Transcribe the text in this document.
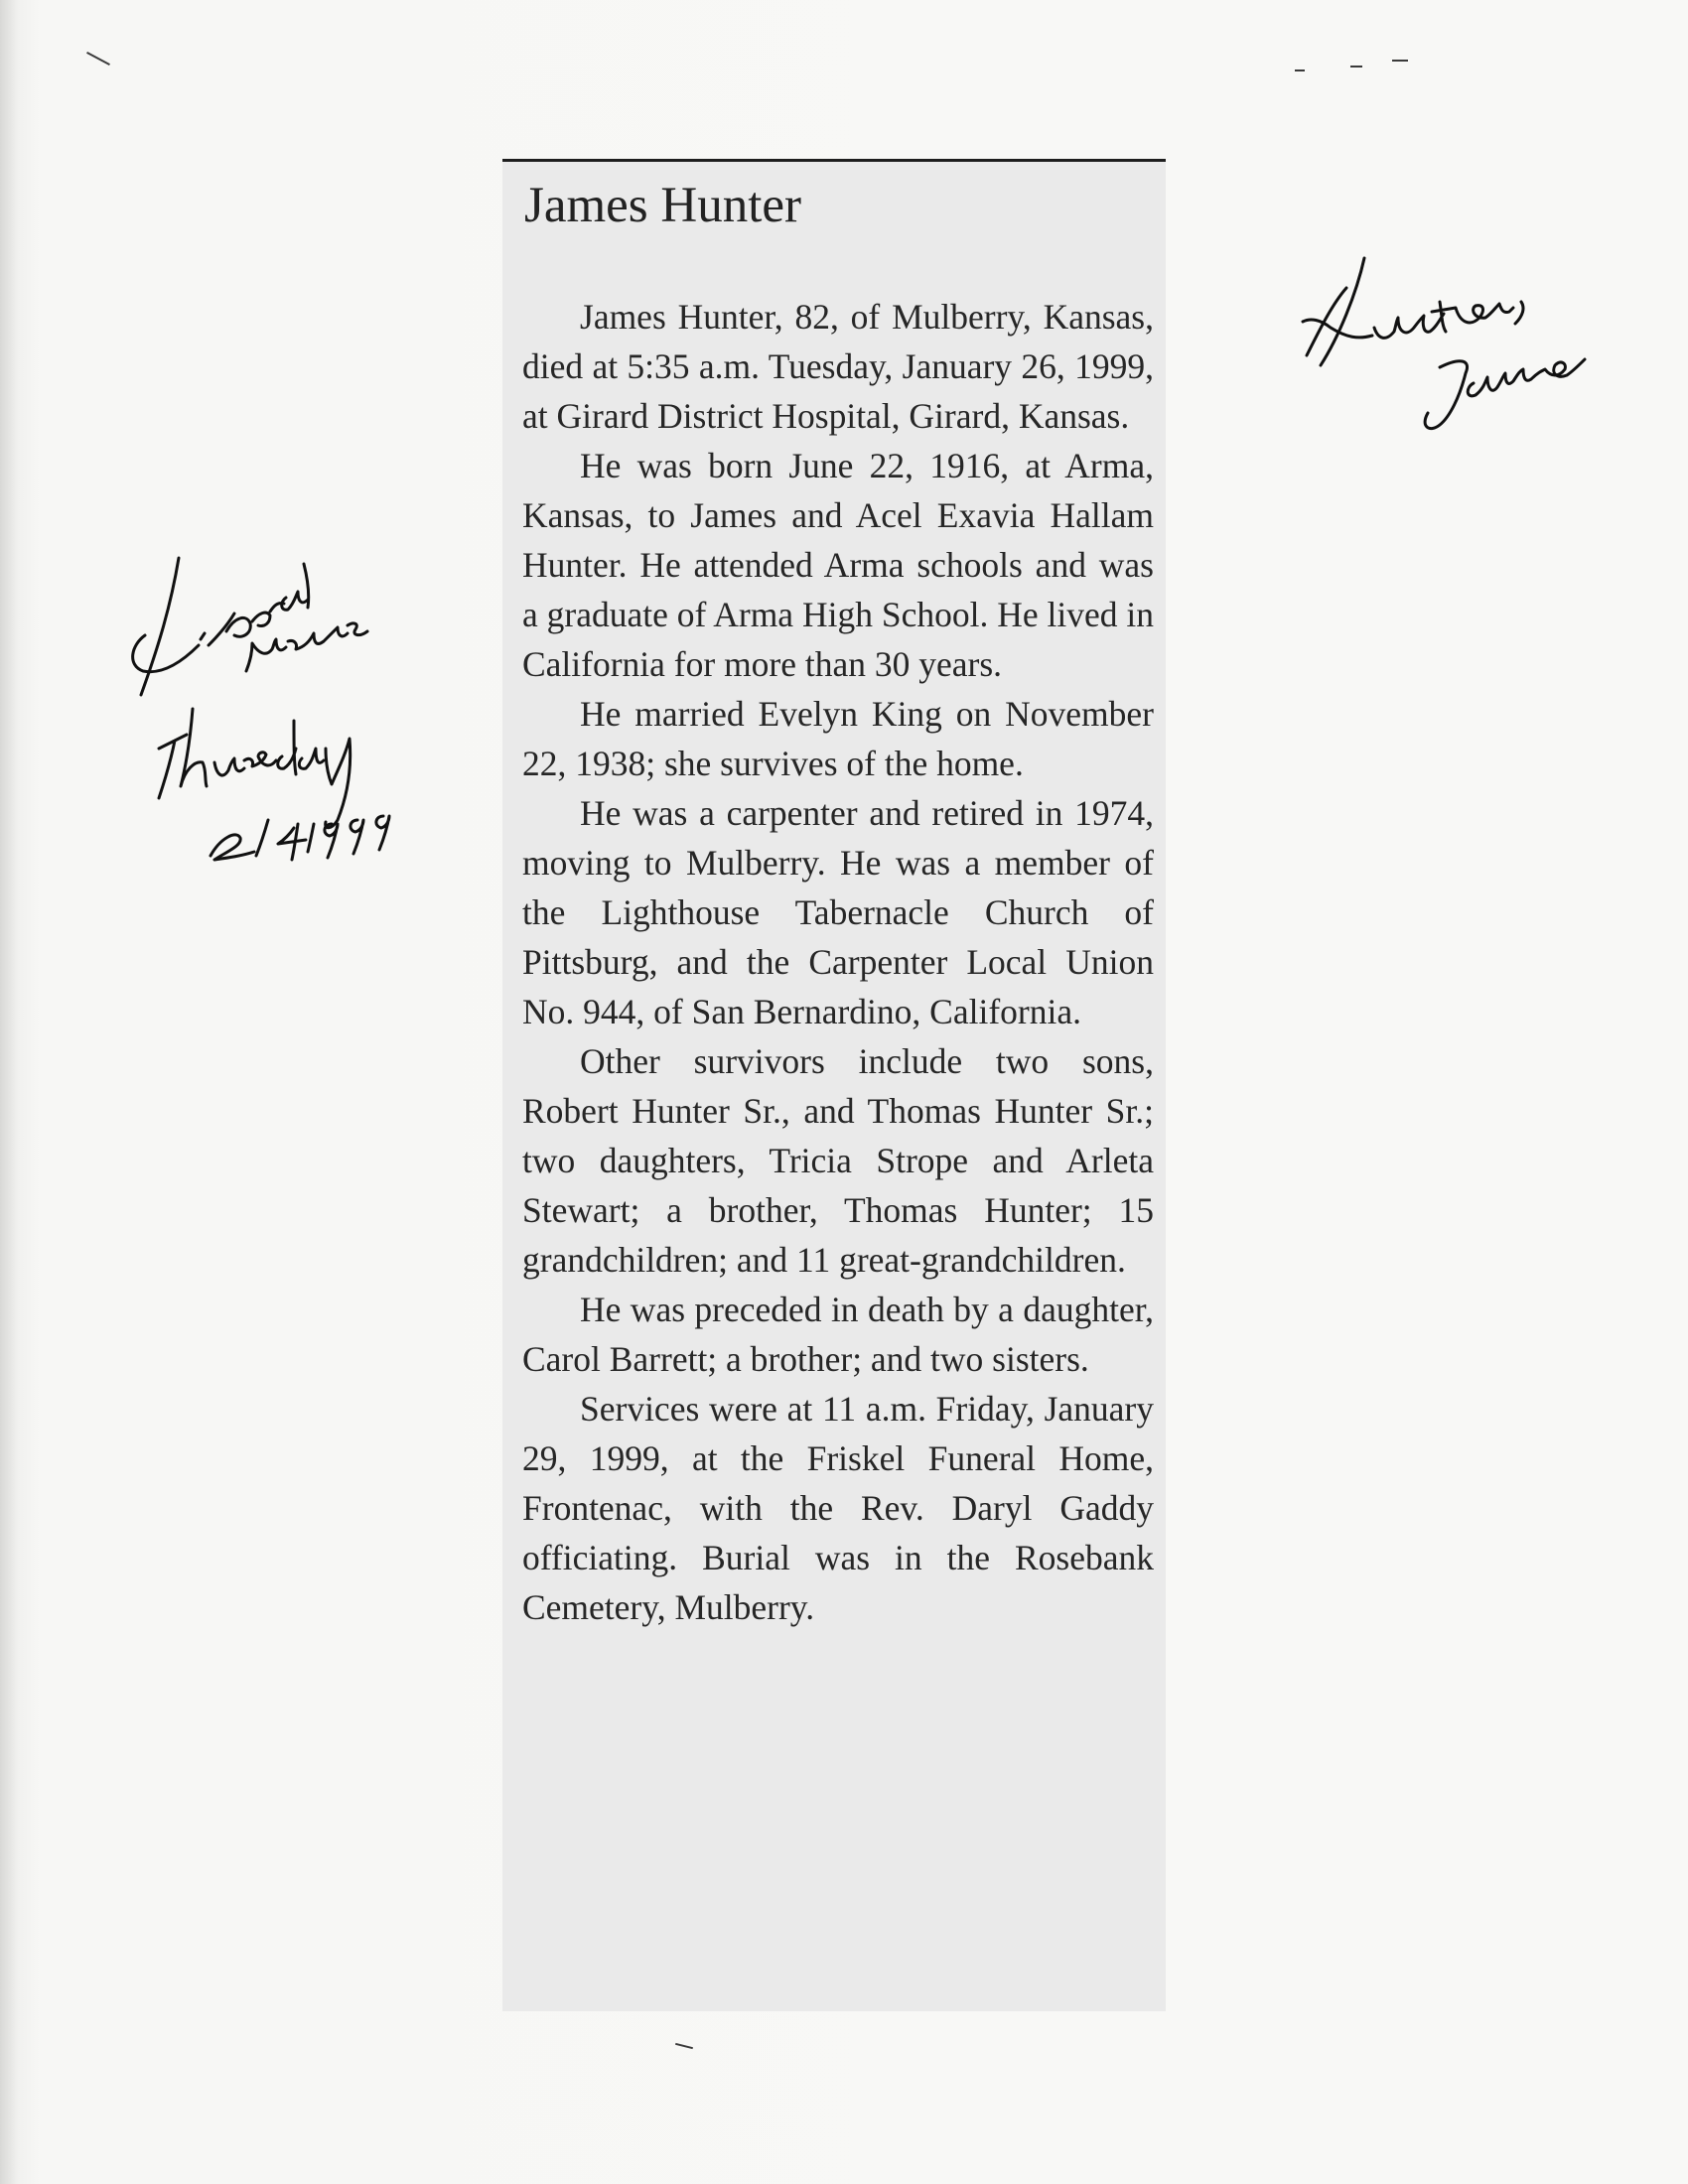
James Hunter

James Hunter, 82, of Mulberry, Kansas, died at 5:35 a.m. Tuesday, January 26, 1999, at Girard District Hospital, Girard, Kansas.

He was born June 22, 1916, at Arma, Kansas, to James and Acel Exavia Hallam Hunter. He attended Arma schools and was a graduate of Arma High School. He lived in California for more than 30 years.

He married Evelyn King on November 22, 1938; she survives of the home.

He was a carpenter and retired in 1974, moving to Mulberry. He was a member of the Lighthouse Tabernacle Church of Pittsburg, and the Carpenter Local Union No. 944, of San Bernardino, California.

Other survivors include two sons, Robert Hunter Sr., and Thomas Hunter Sr.; two daughters, Tricia Strope and Arleta Stewart; a brother, Thomas Hunter; 15 grandchildren; and 11 great-grandchildren.

He was preceded in death by a daughter, Carol Barrett; a brother; and two sisters.

Services were at 11 a.m. Friday, January 29, 1999, at the Friskel Funeral Home, Frontenac, with the Rev. Daryl Gaddy officiating. Burial was in the Rosebank Cemetery, Mulberry.
